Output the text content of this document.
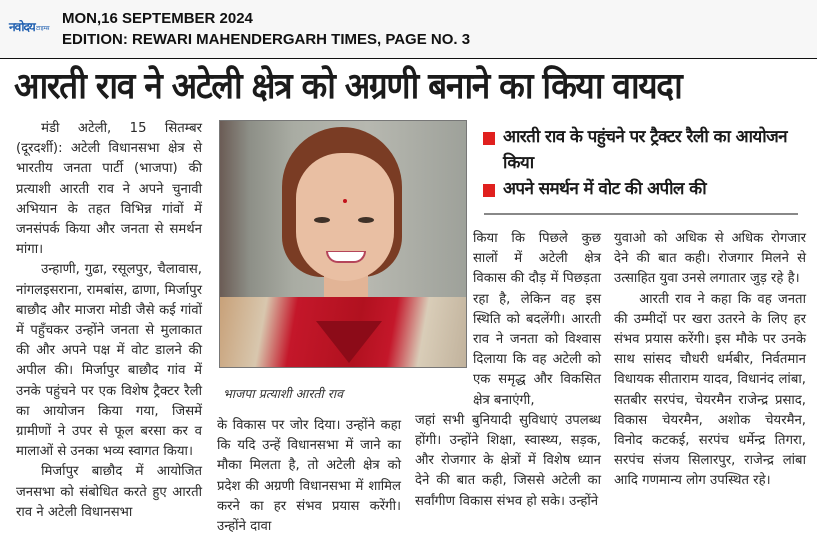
नवोदय टाइम्स
MON,16 SEPTEMBER 2024
EDITION: REWARI MAHENDERGARH TIMES, PAGE NO. 3
आरती राव ने अटेली क्षेत्र को अग्रणी बनाने का किया वायदा

मंडी अटेली, 15 सितम्बर (दूरदर्शी): अटेली विधानसभा क्षेत्र से भारतीय जनता पार्टी (भाजपा) की प्रत्याशी आरती राव ने अपने चुनावी अभियान के तहत विभिन्न गांवों में जनसंपर्क किया और जनता से समर्थन मांगा।

उन्हाणी, गुढा, रसूलपुर, चैलावास, नांगलइसराना, रामबांस, ढाणा, मिर्जापुर बाछौद और माजरा मोडी जैसे कई गांवों में पहुँचकर उन्होंने जनता से मुलाकात की और अपने पक्ष में वोट डालने की अपील की। मिर्जापुर बाछौद गांव में उनके पहुंचने पर एक विशेष ट्रैक्टर रैली का आयोजन किया गया, जिसमें ग्रामीणों ने उपर से फूल बरसा कर व मालाओं से उनका भव्य स्वागत किया।

मिर्जापुर बाछौद में आयोजित जनसभा को संबोधित करते हुए आरती राव ने अटेली विधानसभा

भाजपा प्रत्याशी आरती राव
आरती राव के पहुंचने पर ट्रैक्टर रैली का आयोजन किया
अपने समर्थन में वोट की अपील की

के विकास पर जोर दिया। उन्होंने कहा कि यदि उन्हें विधानसभा में जाने का मौका मिलता है, तो अटेली क्षेत्र को प्रदेश की अग्रणी विधानसभा में शामिल करने का हर संभव प्रयास करेंगी। उन्होंने दावा

किया कि पिछले कुछ सालों में अटेली क्षेत्र विकास की दौड़ में पिछड़ता रहा है, लेकिन वह इस स्थिति को बदलेंगी। आरती राव ने जनता को विश्वास दिलाया कि वह अटेली को एक समृद्ध और विकसित क्षेत्र बनाएंगी,

जहां सभी बुनियादी सुविधाएं उपलब्ध होंगी। उन्होंने शिक्षा, स्वास्थ्य, सड़क, और रोजगार के क्षेत्रों में विशेष ध्यान देने की बात कही, जिससे अटेली का सर्वांगीण विकास संभव हो सके। उन्होंने

युवाओ को अधिक से अधिक रोगजार देने की बात कही। रोजगार मिलने से उत्साहित युवा उनसे लगातार जुड़ रहे है।

आरती राव ने कहा कि वह जनता की उम्मीदों पर खरा उतरने के लिए हर संभव प्रयास करेंगी। इस मौके पर उनके साथ सांसद चौधरी धर्मबीर, निर्वतमान विधायक सीताराम यादव, विधानंद लांबा, सतबीर सरपंच, चेयरमैन राजेन्द्र प्रसाद, विकास चेयरमैन, अशोक चेयरमैन, विनोद कटकई, सरपंच धर्मेन्द्र तिगरा, सरपंच संजय सिलारपुर, राजेन्द्र लांबा आदि गणमान्य लोग उपस्थित रहे।
